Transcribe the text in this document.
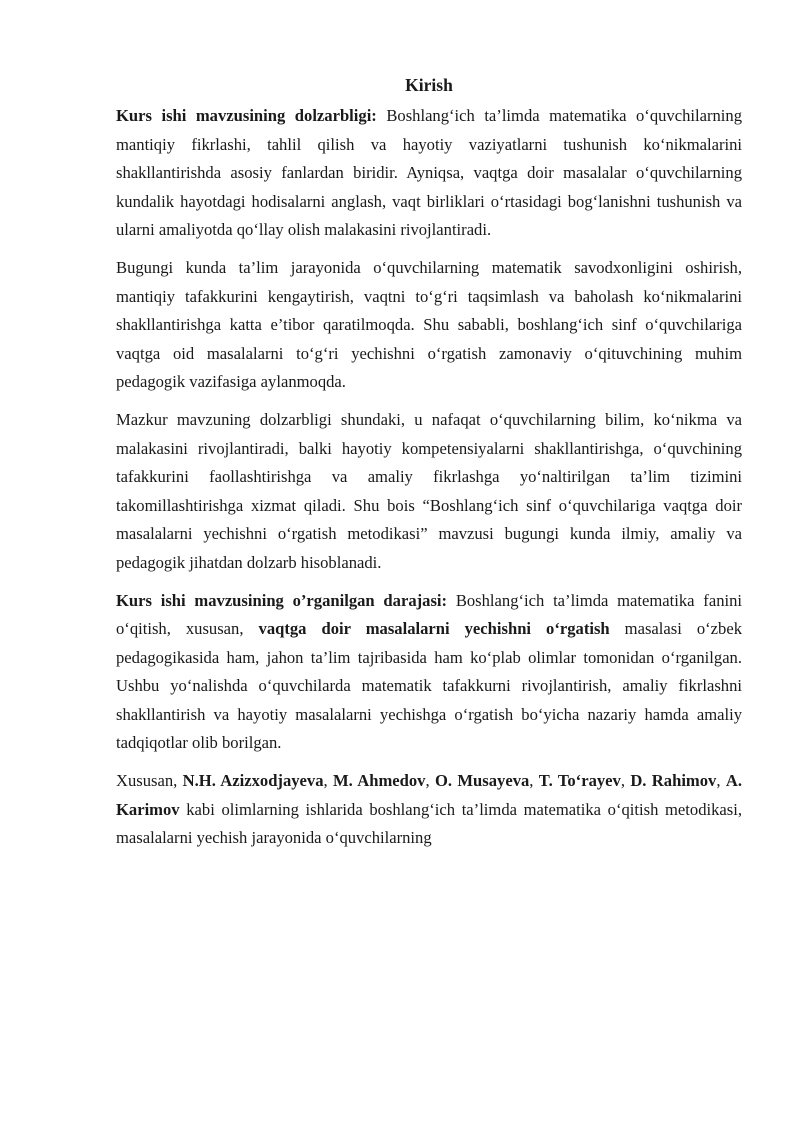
Kirish

Kurs ishi mavzusining dolzarbligi: Boshlang‘ich ta’limda matematika o‘quvchilarning mantiqiy fikrlashi, tahlil qilish va hayotiy vaziyatlarni tushunish ko‘nikmalarini shakllantirishda asosiy fanlardan biridir. Ayniqsa, vaqtga doir masalalar o‘quvchilarning kundalik hayotdagi hodisalarni anglash, vaqt birliklari o‘rtasidagi bog‘lanishni tushunish va ularni amaliyotda qo‘llay olish malakasini rivojlantiradi.

Bugungi kunda ta’lim jarayonida o‘quvchilarning matematik savodxonligini oshirish, mantiqiy tafakkurini kengaytirish, vaqtni to‘g‘ri taqsimlash va baholash ko‘nikmalarini shakllantirishga katta e’tibor qaratilmoqda. Shu sababli, boshlang‘ich sinf o‘quvchilariga vaqtga oid masalalarni to‘g‘ri yechishni o‘rgatish zamonaviy o‘qituvchining muhim pedagogik vazifasiga aylanmoqda.

Mazkur mavzuning dolzarbligi shundaki, u nafaqat o‘quvchilarning bilim, ko‘nikma va malakasini rivojlantiradi, balki hayotiy kompetensiyalarni shakllantirishga, o‘quvchining tafakkurini faollashtirishga va amaliy fikrlashga yo‘naltirilgan ta’lim tizimini takomillashtirishga xizmat qiladi. Shu bois “Boshlang‘ich sinf o‘quvchilariga vaqtga doir masalalarni yechishni o‘rgatish metodikasi” mavzusi bugungi kunda ilmiy, amaliy va pedagogik jihatdan dolzarb hisoblanadi.

Kurs ishi mavzusining o’rganilgan darajasi: Boshlang‘ich ta’limda matematika fanini o‘qitish, xususan, vaqtga doir masalalarni yechishni o‘rgatish masalasi o‘zbek pedagogikasida ham, jahon ta’lim tajribasida ham ko‘plab olimlar tomonidan o‘rganilgan. Ushbu yo‘nalishda o‘quvchilarda matematik tafakkurni rivojlantirish, amaliy fikrlashni shakllantirish va hayotiy masalalarni yechishga o‘rgatish bo‘yicha nazariy hamda amaliy tadqiqotlar olib borilgan.

Xususan, N.H. Azizxodjayeva, M. Ahmedov, O. Musayeva, T. To‘rayev, D. Rahimov, A. Karimov kabi olimlarning ishlarida boshlang‘ich ta’limda matematika o‘qitish metodikasi, masalalarni yechish jarayonida o‘quvchilarning
